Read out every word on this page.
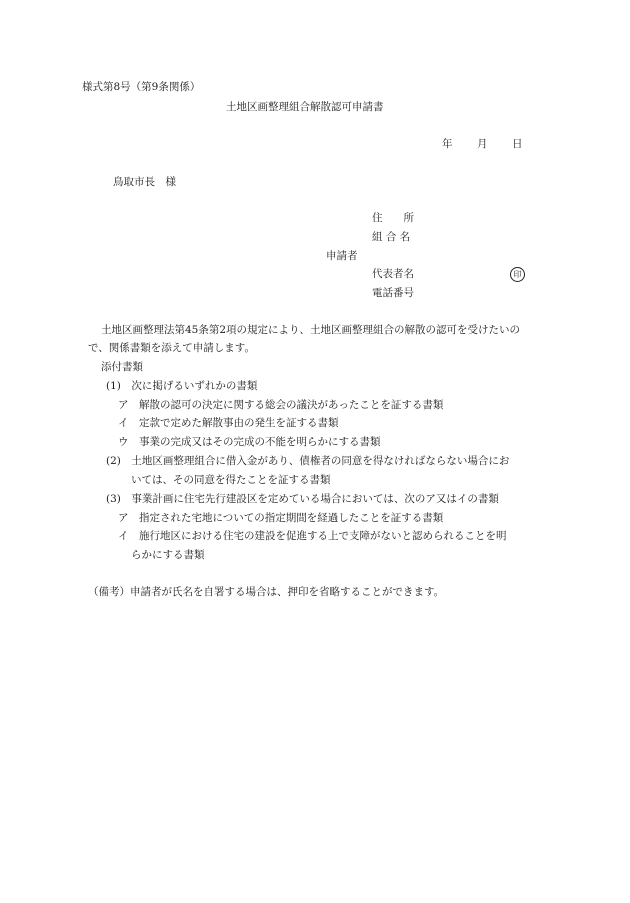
様式第8号（第9条関係）
土地区画整理組合解散認可申請書
年 月 日
鳥取市長　様
住　　所
組 合 名
申請者
代表者名	印
電話番号
土地区画整理法第45条第2項の規定により、土地区画整理組合の解散の認可を受けたいの
で、関係書類を添えて申請します。
添付書類
(1)　次に掲げるいずれかの書類
ア　解散の認可の決定に関する総会の議決があったことを証する書類
イ　定款で定めた解散事由の発生を証する書類
ウ　事業の完成又はその完成の不能を明らかにする書類
(2)　土地区画整理組合に借入金があり、債権者の同意を得なければならない場合にお
いては、その同意を得たことを証する書類
(3)　事業計画に住宅先行建設区を定めている場合においては、次のア又はイの書類
ア　指定された宅地についての指定期間を経過したことを証する書類
イ　施行地区における住宅の建設を促進する上で支障がないと認められることを明
らかにする書類
（備考）申請者が氏名を自署する場合は、押印を省略することができます。
